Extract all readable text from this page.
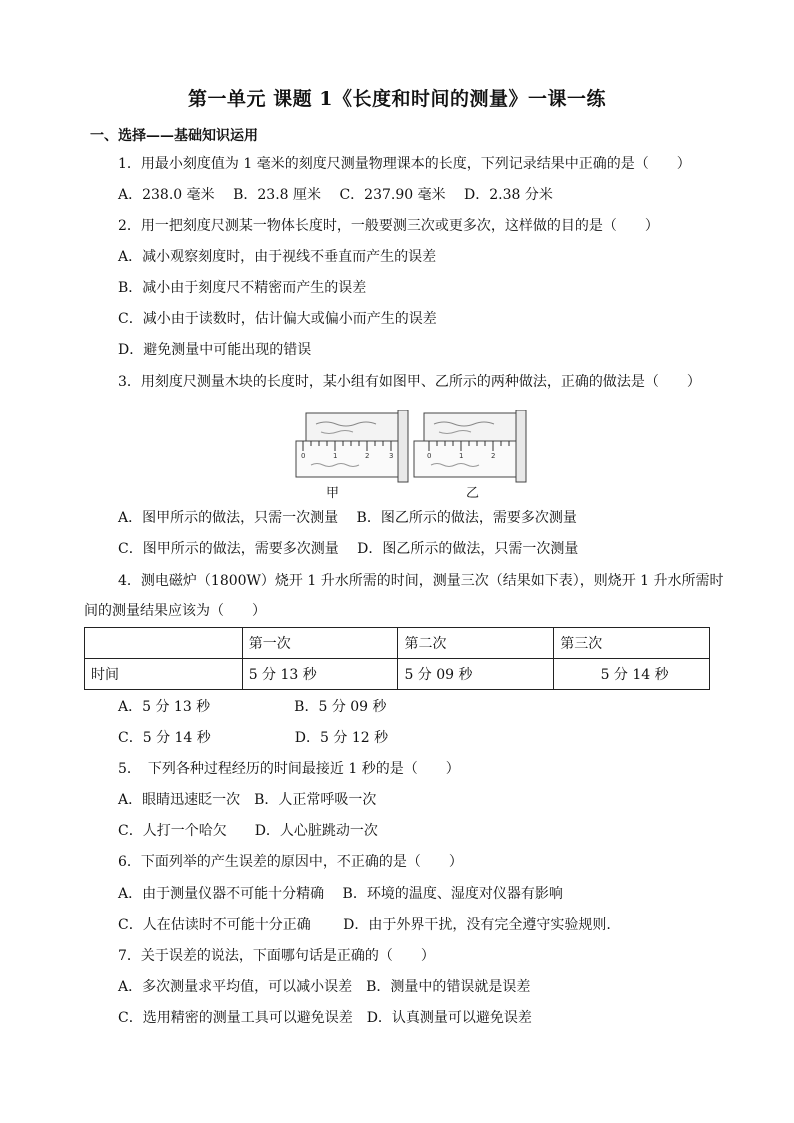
第一单元 课题 1《长度和时间的测量》一课一练
一、选择——基础知识运用
1．用最小刻度值为 1 毫米的刻度尺测量物理课本的长度，下列记录结果中正确的是（　　）
A．238.0 毫米　 B．23.8 厘米　 C．237.90 毫米　 D．2.38 分米
2．用一把刻度尺测某一物体长度时，一般要测三次或更多次，这样做的目的是（　　）
A．减小观察刻度时，由于视线不垂直而产生的误差
B．减小由于刻度尺不精密而产生的误差
C．减小由于读数时，估计偏大或偏小而产生的误差
D．避免测量中可能出现的错误
3．用刻度尺测量木块的长度时，某小组有如图甲、乙所示的两种做法，正确的做法是（　　）
0	1	2	3	0	1	2
甲	乙
A．图甲所示的做法，只需一次测量　 B．图乙所示的做法，需要多次测量
C．图甲所示的做法，需要多次测量　 D．图乙所示的做法，只需一次测量
4．测电磁炉（1800W）烧开 1 升水所需的时间，测量三次（结果如下表），则烧开 1 升水所需时
间的测量结果应该为（　　）
	第一次	第二次	第三次
时间	5 分 13 秒	5 分 09 秒	5 分 14 秒
A．5 分 13 秒　　　　　　B．5 分 09 秒
C．5 分 14 秒　　　　　　D．5 分 12 秒
5．　下列各种过程经历的时间最接近 1 秒的是（　　）
A．眼睛迅速眨一次　B．人正常呼吸一次
C．人打一个哈欠　　D．人心脏跳动一次
6．下面列举的产生误差的原因中，不正确的是（　　）
A．由于测量仪器不可能十分精确　 B．环境的温度、湿度对仪器有影响
C．人在估读时不可能十分正确　　 D．由于外界干扰，没有完全遵守实验规则.
7．关于误差的说法，下面哪句话是正确的（　　）
A．多次测量求平均值，可以减小误差　B．测量中的错误就是误差
C．选用精密的测量工具可以避免误差　D．认真测量可以避免误差
